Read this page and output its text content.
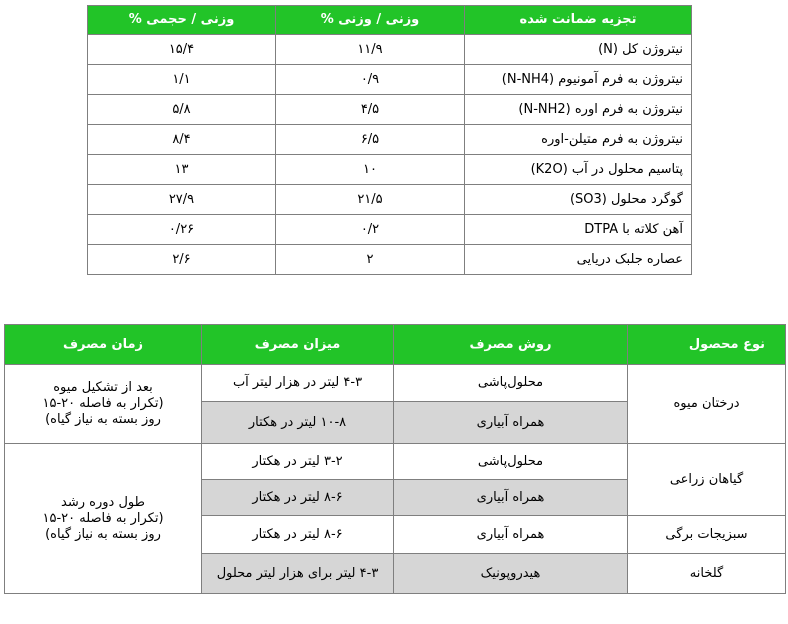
تجزیه ضمانت شده	وزنی / وزنی %	وزنی / حجمی %
نیتروژن کل (N)	۱۱/۹	۱۵/۴
نیتروژن به فرم آمونیوم (N-NH4)	۰/۹	۱/۱
نیتروژن به فرم اوره (N-NH2)	۴/۵	۵/۸
نیتروژن به فرم متیلن-اوره	۶/۵	۸/۴
پتاسیم محلول در آب (K2O)	۱۰	۱۳
گوگرد محلول (SO3)	۲۱/۵	۲۷/۹
آهن کلاته با DTPA	۰/۲	۰/۲۶
عصاره جلبک دریایی	۲	۲/۶
نوع محصول	روش مصرف	میزان مصرف	زمان مصرف
درختان میوه	محلول‌پاشی	۴-۳ لیتر در هزار لیتر آب	بعد از تشکیل میوه
(تکرار به فاصله ۲۰-۱۵
روز بسته به نیاز گیاه)
	همراه آبیاری	۱۰-۸ لیتر در هکتار	
گیاهان زراعی	محلول‌پاشی	۳-۲ لیتر در هکتار	طول دوره رشد
(تکرار به فاصله ۲۰-۱۵
روز بسته به نیاز گیاه)
	همراه آبیاری	۸-۶ لیتر در هکتار	
سبزیجات برگی	همراه آبیاری	۸-۶ لیتر در هکتار	
گلخانه	هیدروپونیک	۴-۳ لیتر برای هزار لیتر محلول	
